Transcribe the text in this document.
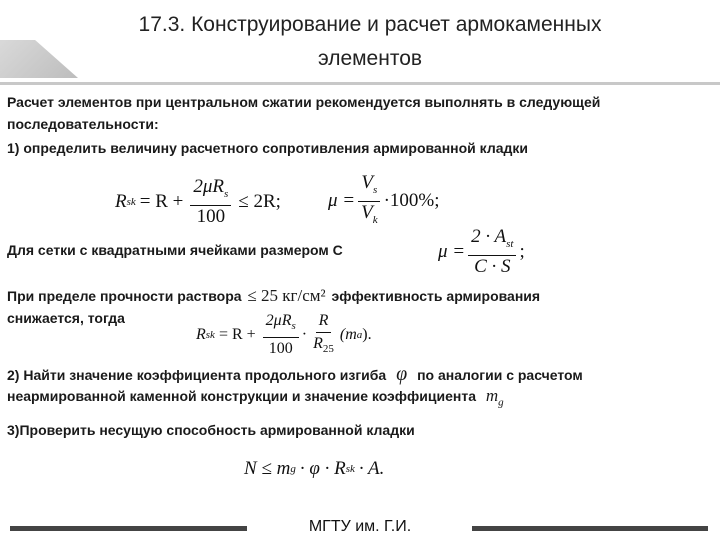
17.3. Конструирование и расчет армокаменных
элементов
Расчет элементов при центральном сжатии рекомендуется выполнять в следующей
последовательности:
1) определить величину расчетного сопротивления армированной кладки
R sk = $R + \frac{2\mu R_s}{100} \le 2R$; $\mu = \frac{V_s}{V_k} \cdot 100\%$;
Для сетки с квадратными ячейками размером С	$\mu = \frac{2 \cdot A_{st}}{C \cdot S}$ ;
При пределе прочности раствора ≤ 25 кг/см² эффективность армирования
снижается, тогда
R sk = $R + \frac{2\mu R_s}{100} \cdot \frac{R}{R_{25}} (m$ a ).
2) Найти значение коэффициента продольного изгиба φ по аналогии с расчетом
неармированной каменной конструкции и значение коэффициента $m_g$
3)Проверить несущую способность армированной кладки
N ≤ m g · φ · R sk · A.
МГТУ им. Г.И.
